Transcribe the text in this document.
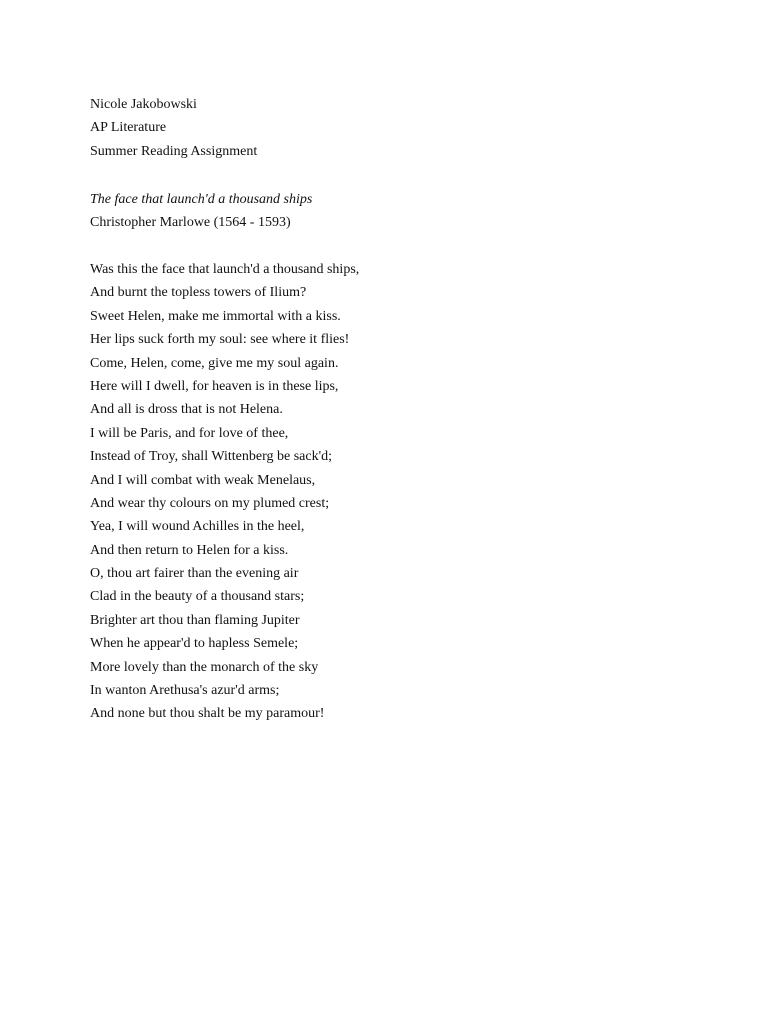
Nicole Jakobowski
AP Literature
Summer Reading Assignment
The face that launch'd a thousand ships
Christopher Marlowe (1564 - 1593)
Was this the face that launch'd a thousand ships,
And burnt the topless towers of Ilium?
Sweet Helen, make me immortal with a kiss.
Her lips suck forth my soul: see where it flies!
Come, Helen, come, give me my soul again.
Here will I dwell, for heaven is in these lips,
And all is dross that is not Helena.
I will be Paris, and for love of thee,
Instead of Troy, shall Wittenberg be sack'd;
And I will combat with weak Menelaus,
And wear thy colours on my plumed crest;
Yea, I will wound Achilles in the heel,
And then return to Helen for a kiss.
O, thou art fairer than the evening air
Clad in the beauty of a thousand stars;
Brighter art thou than flaming Jupiter
When he appear'd to hapless Semele;
More lovely than the monarch of the sky
In wanton Arethusa's azur'd arms;
And none but thou shalt be my paramour!
